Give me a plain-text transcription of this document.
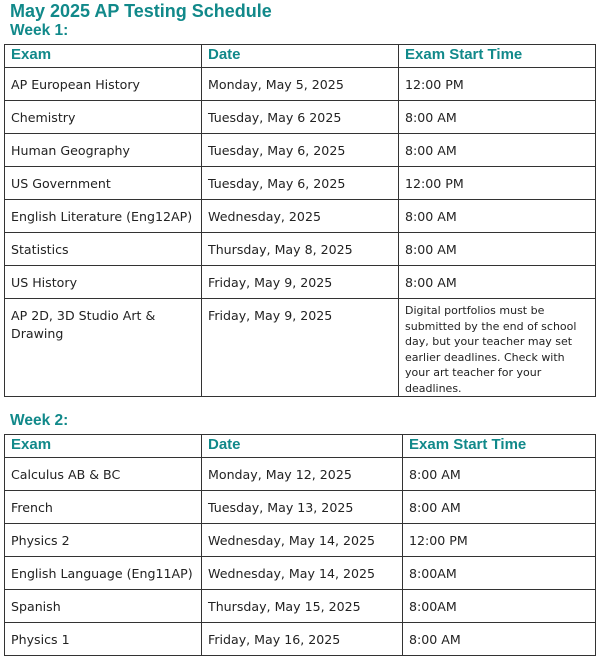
May 2025 AP Testing Schedule
Week 1:
Exam	Date	Exam Start Time
AP European History	Monday, May 5, 2025	12:00 PM
Chemistry	Tuesday, May 6 2025	8:00 AM
Human Geography	Tuesday, May 6, 2025	8:00 AM
US Government	Tuesday, May 6, 2025	12:00 PM
English Literature (Eng12AP)	Wednesday, 2025	8:00 AM
Statistics	Thursday, May 8, 2025	8:00 AM
US History	Friday, May 9, 2025	8:00 AM
AP 2D, 3D Studio Art & Drawing	Friday, May 9, 2025	Digital portfolios must be submitted by the end of school day, but your teacher may set earlier deadlines. Check with your art teacher for your deadlines.
Week 2:
Exam	Date	Exam Start Time
Calculus AB & BC	Monday, May 12, 2025	8:00 AM
French	Tuesday, May 13, 2025	8:00 AM
Physics 2	Wednesday, May 14, 2025	12:00 PM
English Language (Eng11AP)	Wednesday, May 14, 2025	8:00AM
Spanish	Thursday, May 15, 2025	8:00AM
Physics 1	Friday, May 16, 2025	8:00 AM
